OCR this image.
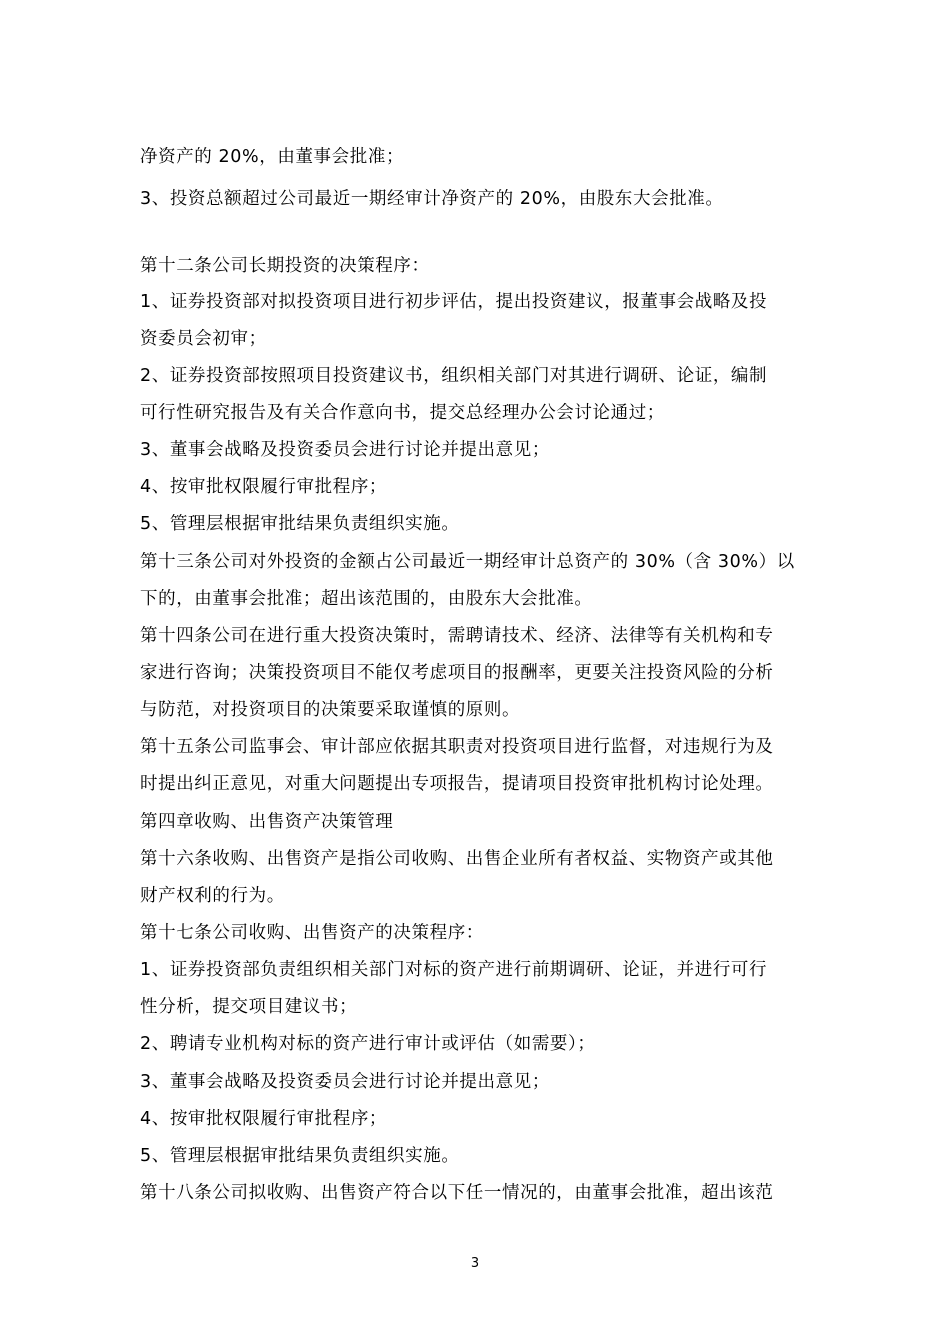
净资产的 20%，由董事会批准；
3、投资总额超过公司最近一期经审计净资产的 20%，由股东大会批准。
第十二条公司长期投资的决策程序：
1、证券投资部对拟投资项目进行初步评估，提出投资建议，报董事会战略及投
资委员会初审；
2、证券投资部按照项目投资建议书，组织相关部门对其进行调研、论证，编制
可行性研究报告及有关合作意向书，提交总经理办公会讨论通过；
3、董事会战略及投资委员会进行讨论并提出意见；
4、按审批权限履行审批程序；
5、管理层根据审批结果负责组织实施。
第十三条公司对外投资的金额占公司最近一期经审计总资产的 30%（含 30%）以
下的，由董事会批准；超出该范围的，由股东大会批准。
第十四条公司在进行重大投资决策时，需聘请技术、经济、法律等有关机构和专
家进行咨询；决策投资项目不能仅考虑项目的报酬率，更要关注投资风险的分析
与防范，对投资项目的决策要采取谨慎的原则。
第十五条公司监事会、审计部应依据其职责对投资项目进行监督，对违规行为及
时提出纠正意见，对重大问题提出专项报告，提请项目投资审批机构讨论处理。
第四章收购、出售资产决策管理
第十六条收购、出售资产是指公司收购、出售企业所有者权益、实物资产或其他
财产权利的行为。
第十七条公司收购、出售资产的决策程序：
1、证券投资部负责组织相关部门对标的资产进行前期调研、论证，并进行可行
性分析，提交项目建议书；
2、聘请专业机构对标的资产进行审计或评估（如需要）；
3、董事会战略及投资委员会进行讨论并提出意见；
4、按审批权限履行审批程序；
5、管理层根据审批结果负责组织实施。
第十八条公司拟收购、出售资产符合以下任一情况的，由董事会批准，超出该范
3
